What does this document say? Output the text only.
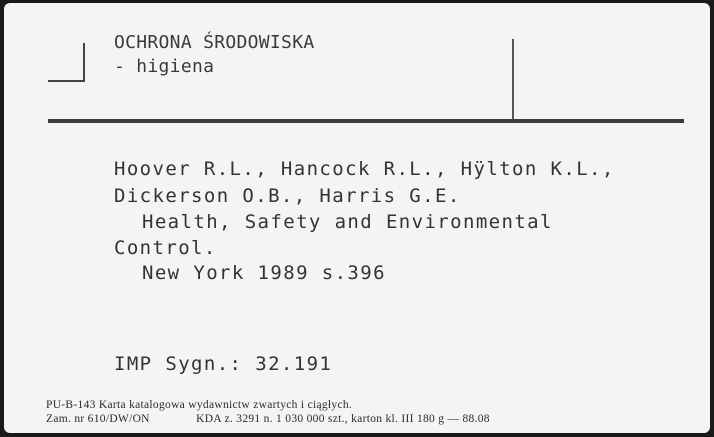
OCHRONA ŚRODOWISKA
- higiena
Hoover R.L., Hancock R.L., Hÿlton K.L.,
Dickerson O.B., Harris G.E.
Health, Safety and Environmental
Control.
New York 1989 s.396
IMP Sygn.: 32.191
PU-B-143 Karta katalogowa wydawnictw zwartych i ciągłych.
Zam. nr 610/DW/ON	KDA z. 3291 n. 1 030 000 szt., karton kl. III 180 g — 88.08
